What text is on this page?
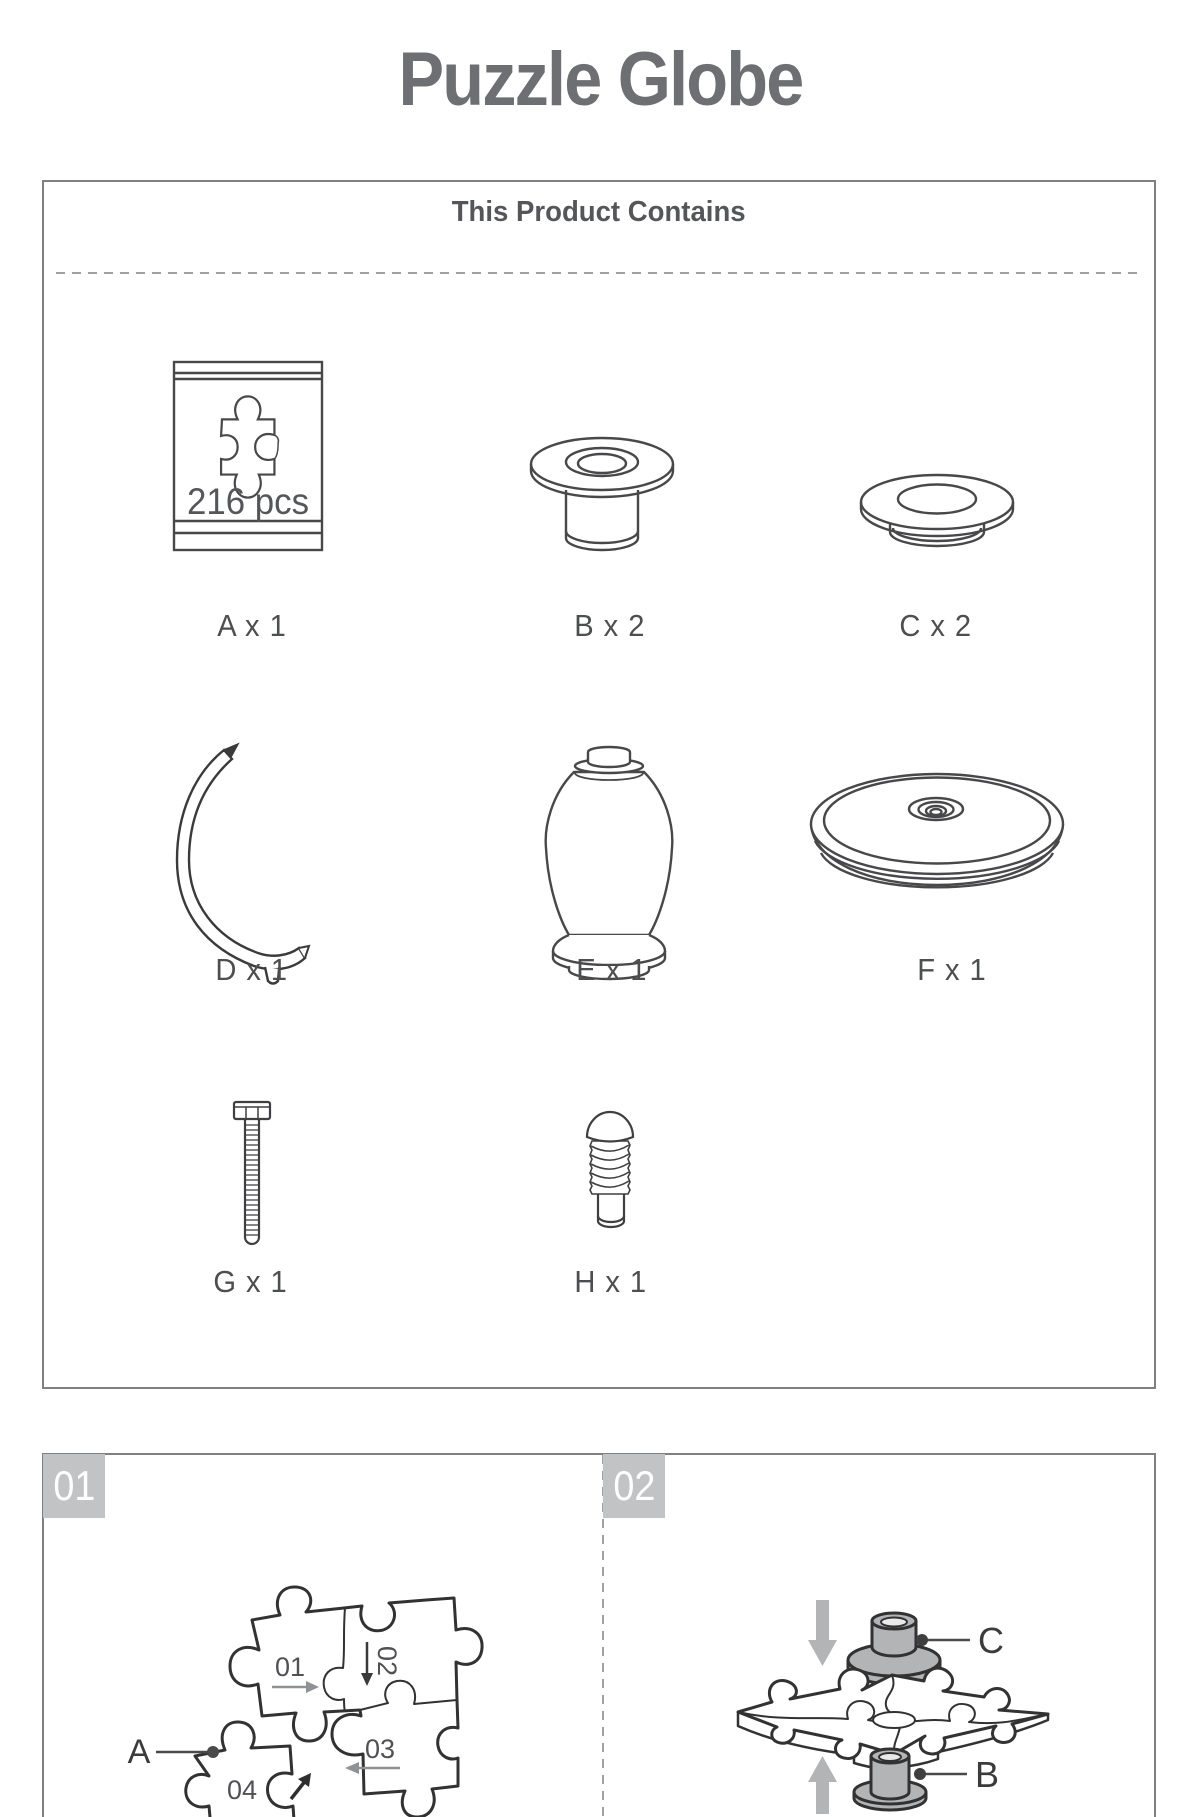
Puzzle Globe
This Product Contains
216 pcs
A x 1	B x 2	C x 2
D x 1	E x 1	F x 1
G x 1	H x 1
01	02
01 02
03
04
A
C
B
